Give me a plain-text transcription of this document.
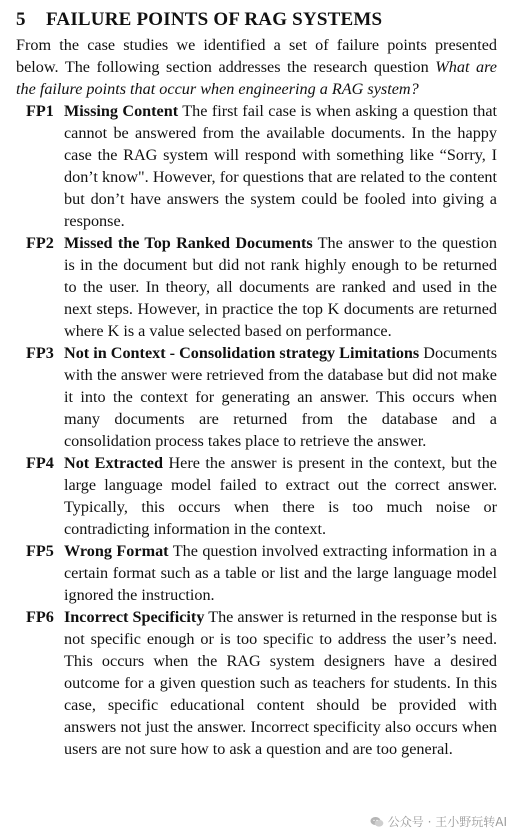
5 FAILURE POINTS OF RAG SYSTEMS

From the case studies we identified a set of failure points presented below. The following section addresses the research question What are the failure points that occur when engineering a RAG system?

FP1 Missing Content The first fail case is when asking a question that cannot be answered from the available documents. In the happy case the RAG system will respond with something like “Sorry, I don’t know". However, for questions that are related to the content but don’t have answers the system could be fooled into giving a response.
FP2 Missed the Top Ranked Documents The answer to the question is in the document but did not rank highly enough to be returned to the user. In theory, all documents are ranked and used in the next steps. However, in practice the top K documents are returned where K is a value selected based on performance.
FP3 Not in Context - Consolidation strategy Limitations Documents with the answer were retrieved from the database but did not make it into the context for generating an answer. This occurs when many documents are returned from the database and a consolidation process takes place to retrieve the answer.
FP4 Not Extracted Here the answer is present in the context, but the large language model failed to extract out the correct answer. Typically, this occurs when there is too much noise or contradicting information in the context.
FP5 Wrong Format The question involved extracting information in a certain format such as a table or list and the large language model ignored the instruction.
FP6 Incorrect Specificity The answer is returned in the response but is not specific enough or is too specific to address the user’s need. This occurs when the RAG system designers have a desired outcome for a given question such as teachers for students. In this case, specific educational content should be provided with answers not just the answer. Incorrect specificity also occurs when users are not sure how to ask a question and are too general.
公众号 · 王小野玩转AI
